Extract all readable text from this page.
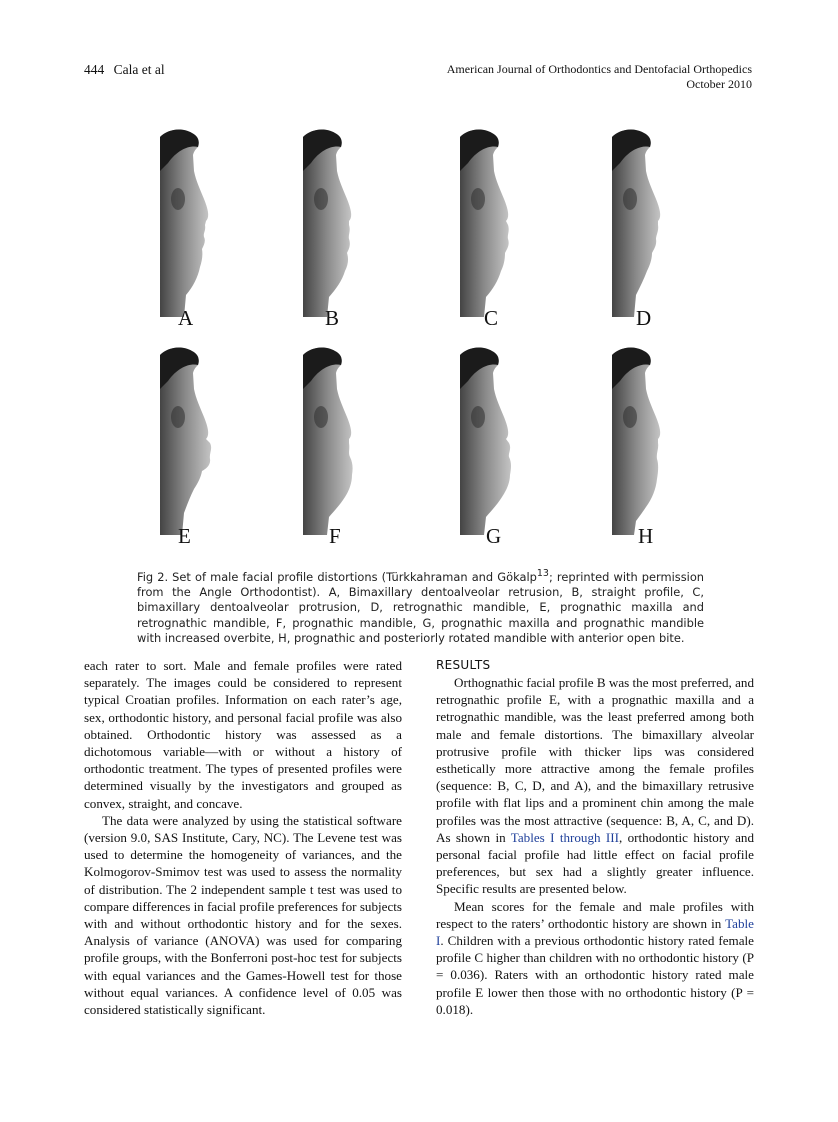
444 Cala et al	American Journal of Orthodontics and Dentofacial Orthopedics
October 2010
A	B	C	D
E	F	G	H
Fig 2. Set of male facial profile distortions (Türkkahraman and Gökalp$^{13}$; reprinted with permission from the Angle Orthodontist). A, Bimaxillary dentoalveolar retrusion, B, straight profile, C, bimaxillary dentoalveolar protrusion, D, retrognathic mandible, E, prognathic maxilla and retrognathic mandible, F, prognathic mandible, G, prognathic maxilla and prognathic mandible with increased overbite, H, prognathic and posteriorly rotated mandible with anterior open bite.

each rater to sort. Male and female profiles were rated separately. The images could be considered to represent typical Croatian profiles. Information on each rater’s age, sex, orthodontic history, and personal facial profile was also obtained. Orthodontic history was assessed as a dichotomous variable—with or without a history of orthodontic treatment. The types of presented profiles were determined visually by the investigators and grouped as convex, straight, and concave.

The data were analyzed by using the statistical software (version 9.0, SAS Institute, Cary, NC). The Levene test was used to determine the homogeneity of variances, and the Kolmogorov-Smimov test was used to assess the normality of distribution. The 2 independent sample t test was used to compare differences in facial profile preferences for subjects with and without orthodontic history and for the sexes. Analysis of variance (ANOVA) was used for comparing profile groups, with the Bonferroni post-hoc test for subjects with equal variances and the Games-Howell test for those without equal variances. A confidence level of 0.05 was considered statistically significant.

RESULTS

Orthognathic facial profile B was the most preferred, and retrognathic profile E, with a prognathic maxilla and a retrognathic mandible, was the least preferred among both male and female distortions. The bimaxillary alveolar protrusive profile with thicker lips was considered esthetically more attractive among the female profiles (sequence: B, C, D, and A), and the bimaxillary retrusive profile with flat lips and a prominent chin among the male profiles was the most attractive (sequence: B, A, C, and D). As shown in Tables I through III, orthodontic history and personal facial profile had little effect on facial profile preferences, but sex had a slightly greater influence. Specific results are presented below.

Mean scores for the female and male profiles with respect to the raters’ orthodontic history are shown in Table I. Children with a previous orthodontic history rated female profile C higher than children with no orthodontic history (P = 0.036). Raters with an orthodontic history rated male profile E lower then those with no orthodontic history (P = 0.018).
